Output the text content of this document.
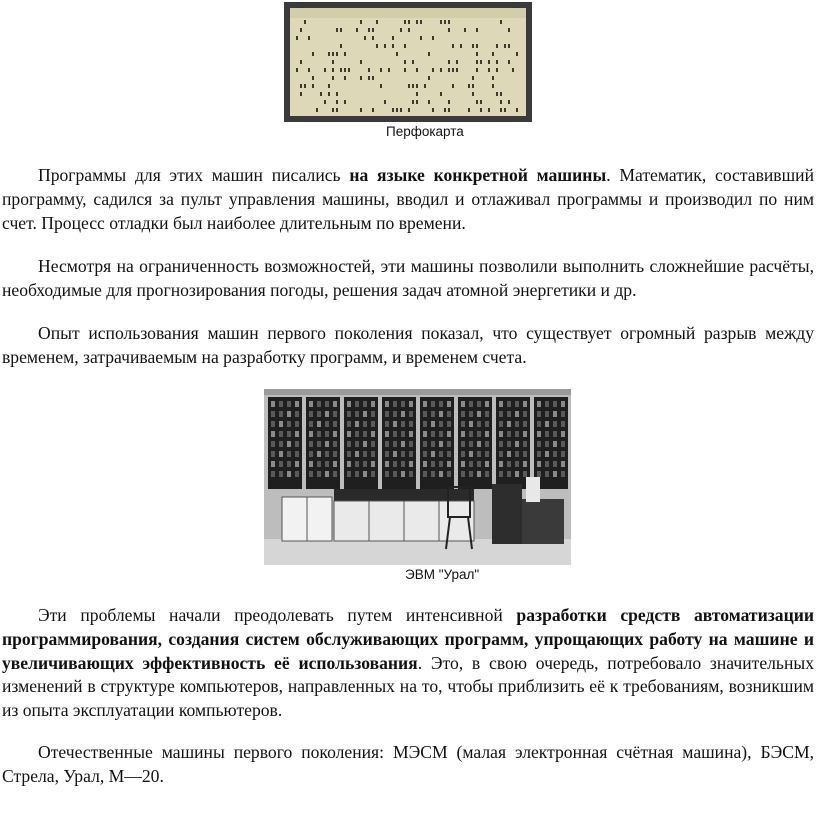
Перфокарта

Программы для этих машин писались на языке конкретной машины. Математик, составивший программу, садился за пульт управления машины, вводил и отлаживал программы и производил по ним счет. Процесс отладки был наиболее длительным по времени.

Несмотря на ограниченность возможностей, эти машины позволили выполнить сложнейшие расчёты, необходимые для прогнозирования погоды, решения задач атомной энергетики и др.

Опыт использования машин первого поколения показал, что существует огромный разрыв между временем, затрачиваемым на разработку программ, и временем счета.

ЭВМ "Урал"

Эти проблемы начали преодолевать путем интенсивной разработки средств автоматизации программирования, создания систем обслуживающих программ, упрощающих работу на машине и увеличивающих эффективность её использования. Это, в свою очередь, потребовало значительных изменений в структуре компьютеров, направленных на то, чтобы приблизить её к требованиям, возникшим из опыта эксплуатации компьютеров.

Отечественные машины первого поколения: МЭСМ (малая электронная счётная машина), БЭСМ, Стрела, Урал, М—20.
